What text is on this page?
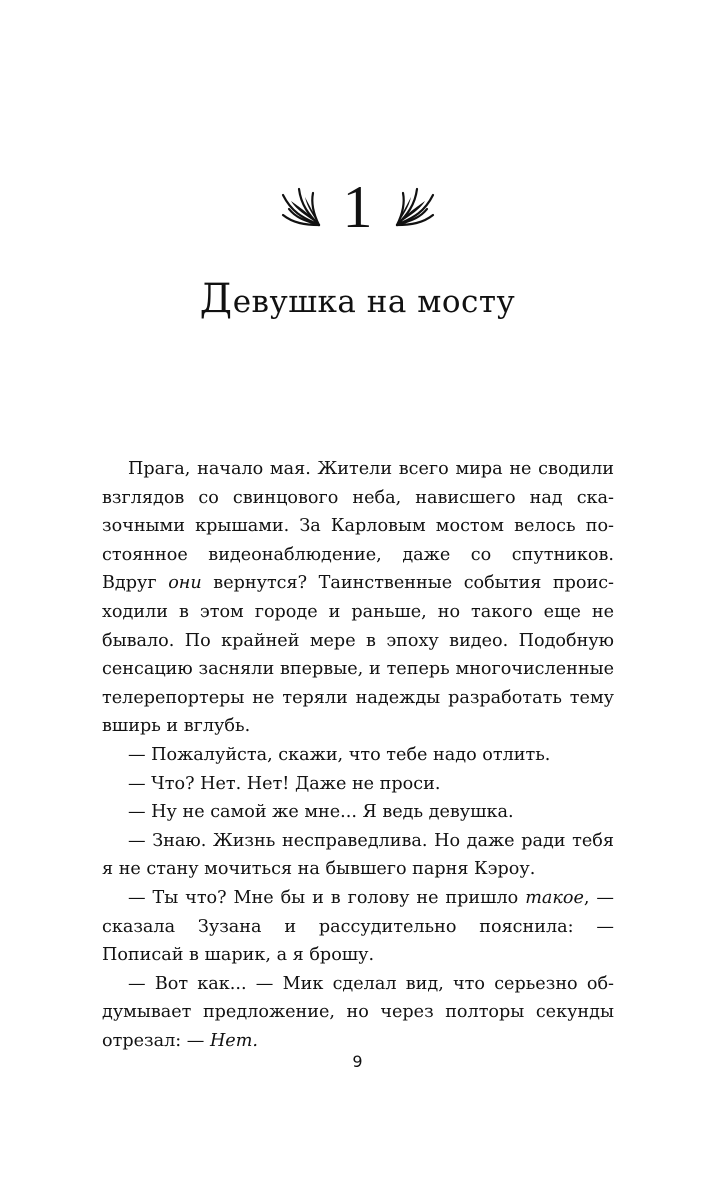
1
Девушка на мосту

Прага, начало мая. Жители всего мира не сводили взглядов со свинцового неба, нависшего над сказочными крышами. За Карловым мостом велось постоянное видеонаблюдение, даже со спутников. Вдруг они вернутся? Таинственные события происходили в этом городе и раньше, но такого еще не бывало. По крайней мере в эпоху видео. Подобную сенсацию засняли впервые, и теперь многочисленные телерепортеры не теряли надежды разработать тему вширь и вглубь.

— Пожалуйста, скажи, что тебе надо отлить.

— Что? Нет. Нет! Даже не проси.

— Ну не самой же мне... Я ведь девушка.

— Знаю. Жизнь несправедлива. Но даже ради тебя я не стану мочиться на бывшего парня Кэроу.

— Ты что? Мне бы и в голову не пришло такое, — сказала Зузана и рассудительно пояснила: — Пописай в шарик, а я брошу.

— Вот как... — Мик сделал вид, что серьезно обдумывает предложение, но через полторы секунды отрезал: — Нет.

9
